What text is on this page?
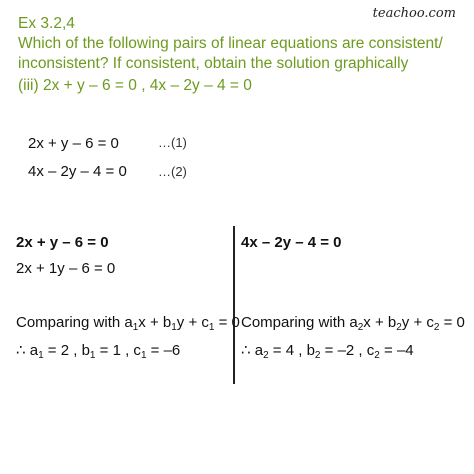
teachoo.com
Ex 3.2,4
Which of the following pairs of linear equations are consistent/
inconsistent? If consistent, obtain the solution graphically
(iii) 2x + y – 6 = 0 , 4x – 2y – 4 = 0
2x + y – 6 = 0	…(1)
4x – 2y – 4 = 0 …(2)
2x + y – 6 = 0
2x + 1y – 6 = 0
Comparing with $a_1x + b_1y + c_1 = 0$
∴ $a_1 = 2$ , $b_1 = 1$ , $c_1 = -6$
4x – 2y – 4 = 0
Comparing with $a_2x + b_2y + c_2 = 0$
∴ $a_2 = 4$ , $b_2 = -2$ , $c_2 = -4$
